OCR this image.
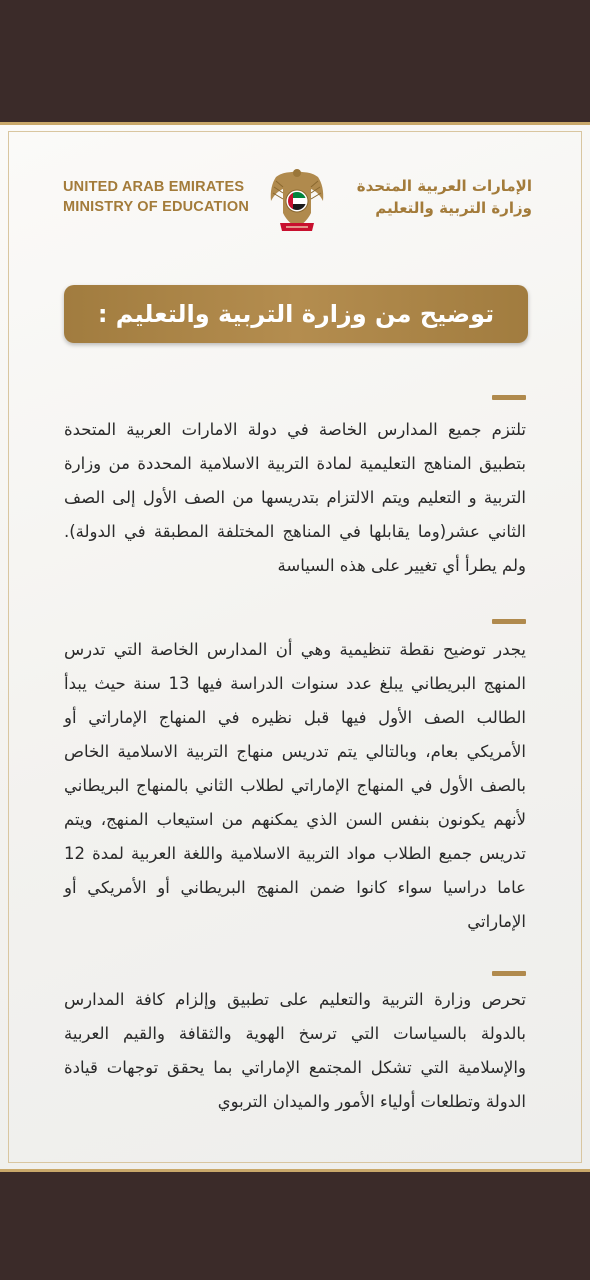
UNITED ARAB EMIRATES
MINISTRY OF EDUCATION
الإمارات العربية المتحدة
وزارة التربية والتعليم
توضيح من وزارة التربية والتعليم :
تلتزم جميع المدارس الخاصة في دولة الامارات العربية المتحدة بتطبيق المناهج التعليمية لمادة التربية الاسلامية المحددة من وزارة التربية و التعليم ويتم الالتزام بتدريسها من الصف الأول إلى الصف الثاني عشر(وما يقابلها في المناهج المختلفة المطبقة في الدولة). ولم يطرأ أي تغيير على هذه السياسة
يجدر توضيح نقطة تنظيمية وهي أن المدارس الخاصة التي تدرس المنهج البريطاني يبلغ عدد سنوات الدراسة فيها 13 سنة حيث يبدأ الطالب الصف الأول فيها قبل نظيره في المنهاج الإماراتي أو الأمريكي بعام، وبالتالي يتم تدريس منهاج التربية الاسلامية الخاص بالصف الأول في المنهاج الإماراتي لطلاب الثاني بالمنهاج البريطاني لأنهم يكونون بنفس السن الذي يمكنهم من استيعاب المنهج، ويتم تدريس جميع الطلاب مواد التربية الاسلامية واللغة العربية لمدة 12 عاما دراسيا سواء كانوا ضمن المنهج البريطاني أو الأمريكي أو الإماراتي
تحرص وزارة التربية والتعليم على تطبيق وإلزام كافة المدارس بالدولة بالسياسات التي ترسخ الهوية والثقافة والقيم العربية والإسلامية التي تشكل المجتمع الإماراتي بما يحقق توجهات قيادة الدولة وتطلعات أولياء الأمور والميدان التربوي
